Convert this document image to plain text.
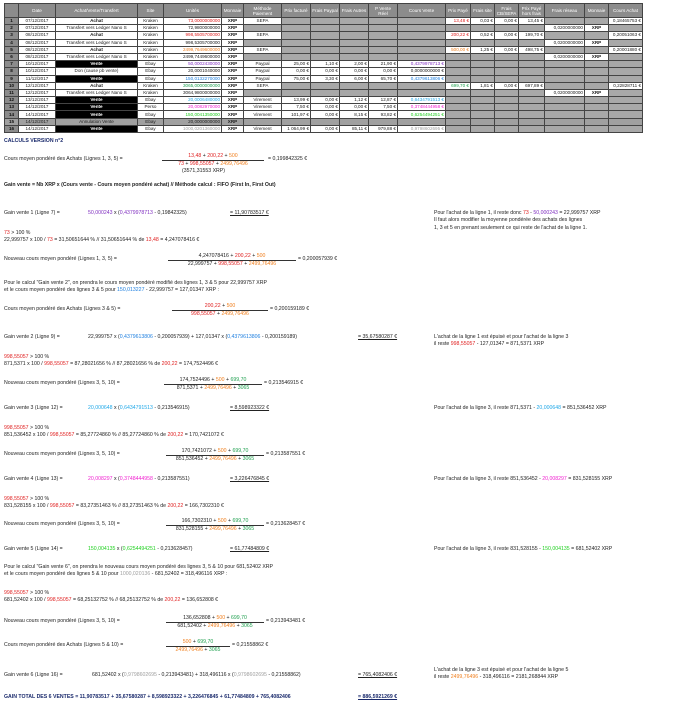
	Date	Achat/Vente/Transfert	Site	Unités	Monnaie	Méthode Paiement	Prix facturé	Frais Paypal	Frais Autres	P Vente Réel	Cours Vente	Prix Payé	Frais site	Frais CB/SEPA	Prix Payé hors frais	Frais réseau	Monnaie	Cours Achat
1	07/12/2017	Achat	Kraken	73,0000000000	XRP	SEPA						13,48 €	0,03 €	0,00 €	13,45 €			0,18465753 €
2	07/12/2017	Transfert vers Ledger Nano S	Kraken	72,9800000000	XRP											0,0200000000	XRP	
3	08/12/2017	Achat	Kraken	998,5505700000	XRP	SEPA						200,22 €	0,52 €	0,00 €	199,70 €			0,20051063 €
4	08/12/2017	Transfert vers Ledger Nano S	Kraken	998,5305700000	XRP											0,0200000000	XRP	
5	08/12/2017	Achat	Kraken	2499,7649600000	XRP	SEPA						500,00 €	1,25 €	0,00 €	498,75 €			0,20001880 €
6	08/12/2017	Transfert vers Ledger Nano S	Kraken	2499,7449600000	XRP											0,0200000000	XRP	
7	10/12/2017	Vente	Ebay	50,0002430000	XRP	Paypal	25,00 €	1,10 €	2,00 €	21,90 €	0,4379978713 €							
8	10/12/2017	Don (cause pb vente)	Ebay	20,0001040000	XRP	Paypal	0,00 €	0,00 €	0,00 €	0,00 €	0,0000000000 €							
9	11/12/2017	Vente	Ebay	150,0132270000	XRP	Paypal	75,00 €	3,30 €	6,00 €	65,70 €	0,4379613806 €							
10	12/12/2017	Achat	Kraken	3065,0000000000	XRP	SEPA						699,70 €	1,81 €	0,00 €	697,89 €			0,22828711 €
11	12/12/2017	Transfert vers Ledger Nano S	Kraken	3064,9800000000	XRP											0,0200000000	XRP	
12	13/12/2017	Vente	Ebay	20,0006480000	XRP	Virement	13,99 €	0,00 €	1,12 €	12,87 €	0,6434791513 €							
13	14/12/2017	Vente	Perso	20,0082970000	XRP	Virement	7,50 €	0,00 €	0,00 €	7,50 €	0,3748444958 €							
14	14/12/2017	Vente	Ebay	150,0041350000	XRP	Virement	101,97 €	0,00 €	8,15 €	93,82 €	0,6254494251 €							
15	14/12/2017	Annulation Vente	Ebay	20,0000000000	XRP													
16	14/12/2017	Vente	Ebay	1000,0201360000	XRP	Virement	1 064,99 €	0,00 €	85,11 €	979,88 €	0,9798602695 €							
CALCULS VERSION n°2
Cours moyen pondéré des Achats (Lignes 1, 3, 5) =	$\frac{13,48 + 200,22 + 500}{73 + 998,55057 + 2499,76496} = 0,199842325$ €
(3571,31553 XRP)
Gain vente = Nb XRP x (Cours vente - Cours moyen pondéré achat) // Méthode calcul : FIFO (First In, First Out)
Gain vente 1 (Ligne 7) =	50,000243 x (0,4379978713 - 0,19842325)	= 11,90783517 €	Pour l'achat de la ligne 1, il reste donc 73 - 50,000243 = 22,999757 XRP
Il faut alors modifier la moyenne pondérée des achats des lignes
1, 3 et 5 en prenant seulement ce qui reste de l'achat de la ligne 1.
73 > 100 %
22,999757 x 100 / 73 = 31,50651644 % // 31,50651644 % de 13,48 = 4,247078416 €
Nouveau cours moyen pondéré (Lignes 1, 3, 5) =	$\frac{4,247078416 + 200,22 + 500}{22,999757 + 998,55057 + 2499,76496} = 0,200057939$ €
Pour le calcul "Gain vente 2", on prendra le cours moyen pondéré modifié des lignes 1, 3 & 5 pour 22,999757 XRP
et le cours moyen pondéré des lignes 3 & 5 pour 150,013227 - 22,999757 = 127,01347 XRP :
Cours moyen pondéré des Achats (Lignes 3 & 5) =	$\frac{200,22 + 500}{998,55057 + 2499,76496} = 0,200159189$ €
Gain vente 2 (Ligne 9) =	22,999757 x (0,4379613806 - 0,200057939) + 127,01347 x (0,4379613806 - 0,200159189)	= 35,67580287 €	L'achat de la ligne 1 est épuisé et pour l'achat de la ligne 3
il reste 998,55057 - 127,01347 = 871,5371 XRP
998,55057 > 100 %
871,5371 x 100 / 998,55057 = 87,28021656 % // 87,28021656 % de 200,22 = 174,7524496 €
Nouveau cours moyen pondéré (Lignes 3, 5, 10) =	$\frac{174,7524496 + 500 + 699,70}{871,5371 + 2499,76496 + 3065} = 0,213546915$ €
Gain vente 3 (Ligne 12) =	20,000648 x (0,6434791513 - 0,213546915)	= 8,598923322 €	Pour l'achat de la ligne 3, il reste 871,5371 - 20,000648 = 851,536452 XRP
998,55057 > 100 %
851,536452 x 100 / 998,55057 = 85,27724860 % // 85,27724860 % de 200,22 = 170,7421072 €
Nouveau cours moyen pondéré (Lignes 3, 5, 10) =	$\frac{170,7421072 + 500 + 699,70}{851,536452 + 2499,76496 + 3065} = 0,213587551$ €
Gain vente 4 (Ligne 13) =	20,008297 x (0,3748444958 - 0,213587551)	= 3,226476845 €	Pour l'achat de la ligne 3, il reste 851,536452 - 20,008297 = 831,528155 XRP
998,55057 > 100 %
831,528155 x 100 / 998,55057 = 83,27351463 % // 83,27351463 % de 200,22 = 166,7302310 €
Nouveau cours moyen pondéré (Lignes 3, 5, 10) =	$\frac{166,7302310 + 500 + 699,70}{831,528155 + 2499,76496 + 3065} = 0,213628457$ €
Gain vente 5 (Ligne 14) =	150,004135 x (0,6254494251 - 0,213628457)	= 61,77484809 €	Pour l'achat de la ligne 3, il reste 831,528155 - 150,004135 = 681,52402 XRP
Pour le calcul "Gain vente 6", on prendra le nouveau cours moyen pondéré des lignes 3, 5 & 10 pour 681,52402 XRP
et le cours moyen pondéré des lignes 5 & 10 pour 1000,020136 - 681,52402 = 318,496116 XRP :
998,55057 > 100 %
681,52402 x 100 / 998,55057 = 68,25132752 % // 68,25132752 % de 200,22 = 136,652808 €
Nouveau cours moyen pondéré (Lignes 3, 5, 10) =	$\frac{136,652808 + 500 + 699,70}{681,52402 + 2499,76496 + 3065} = 0,213943481$ €
Cours moyen pondéré des Achats (Lignes 5 & 10) =	$\frac{500 + 699,70}{2499,76496 + 3065} = 0,21558862$ €
Gain vente 6 (Ligne 16) =	681,52402 x (0,9798602695 - 0,213943481) + 318,496116 x (0,9798602695 - 0,21558862)	= 765,4082406 €
L'achat de la ligne 3 est épuisé et pour l'achat de la ligne 5
il reste 2499,76496 - 318,496116 = 2181,268844 XRP
GAIN TOTAL DES 6 VENTES = 11,90783517 + 35,67580287 + 8,598923322 + 3,226476845 + 61,77484809 + 765,4082406	= 886,5921269 €
